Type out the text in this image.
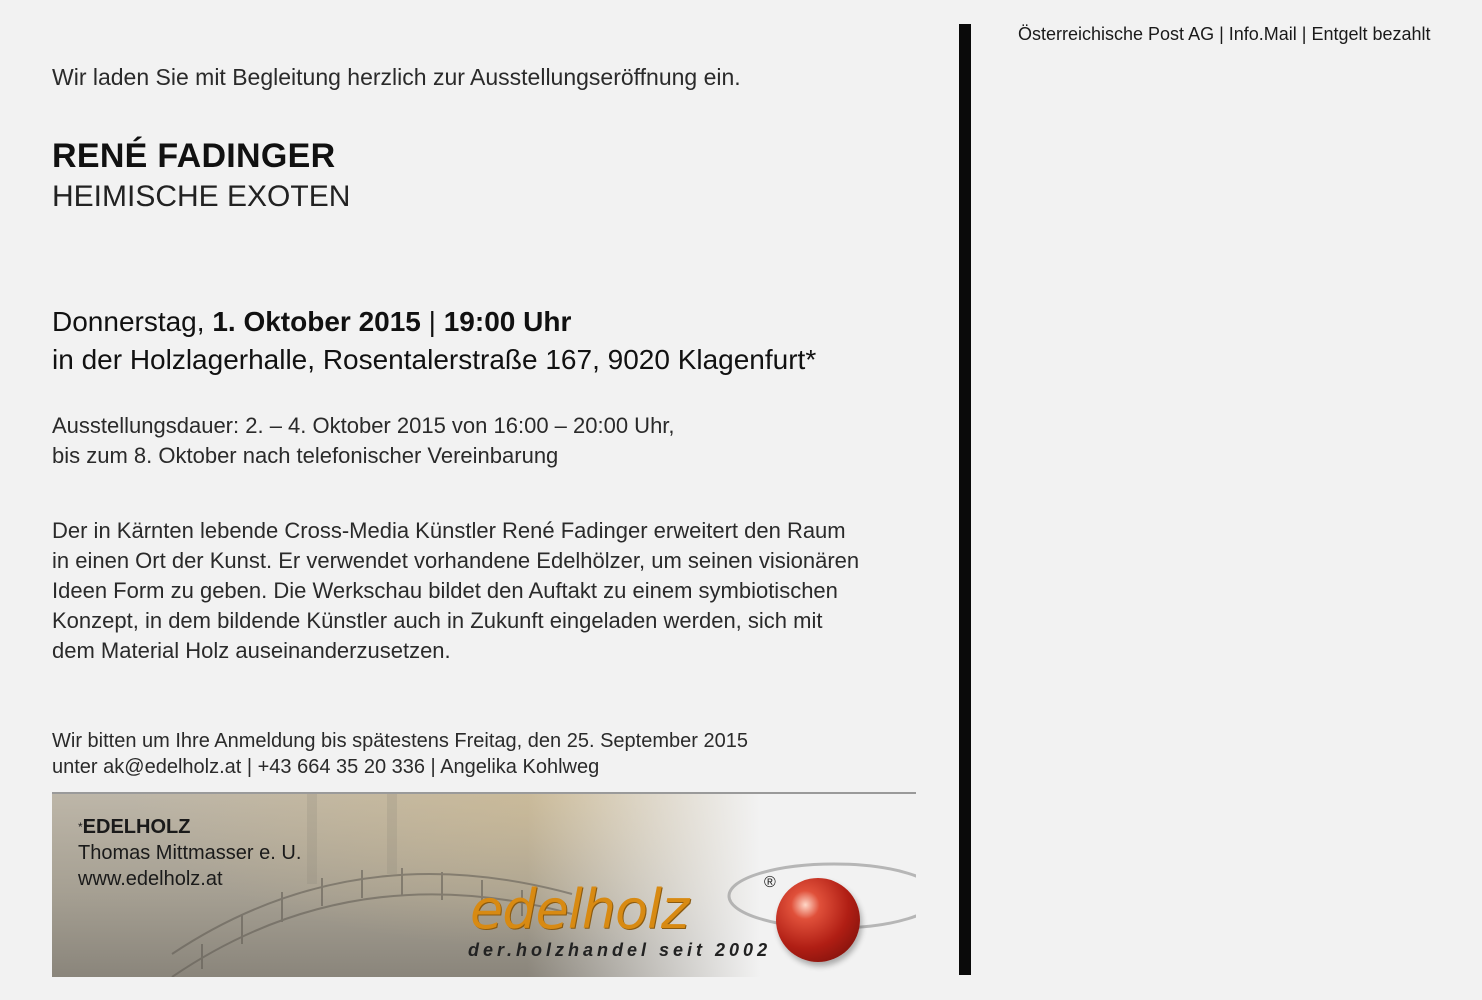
Wir laden Sie mit Begleitung herzlich zur Ausstellungseröffnung ein.
RENÉ FADINGER
HEIMISCHE EXOTEN
Donnerstag, 1. Oktober 2015 | 19:00 Uhr
in der Holzlagerhalle, Rosentalerstraße 167, 9020 Klagenfurt*
Ausstellungsdauer: 2. – 4. Oktober 2015 von 16:00 – 20:00 Uhr,
bis zum 8. Oktober nach telefonischer Vereinbarung

Der in Kärnten lebende Cross-Media Künstler René Fadinger erweitert den Raum

in einen Ort der Kunst. Er verwendet vorhandene Edelhölzer, um seinen visionären

Ideen Form zu geben. Die Werkschau bildet den Auftakt zu einem symbiotischen

Konzept, in dem bildende Künstler auch in Zukunft eingeladen werden, sich mit

dem Material Holz auseinanderzusetzen.

Wir bitten um Ihre Anmeldung bis spätestens Freitag, den 25. September 2015

unter ak@edelholz.at | +43 664 35 20 336 | Angelika Kohlweg

*EDELHOLZ
Thomas Mittmasser e. U.
www.edelholz.at	edelholz	®
der.holzhandel seit 2002
Österreichische Post AG | Info.Mail | Entgelt bezahlt
